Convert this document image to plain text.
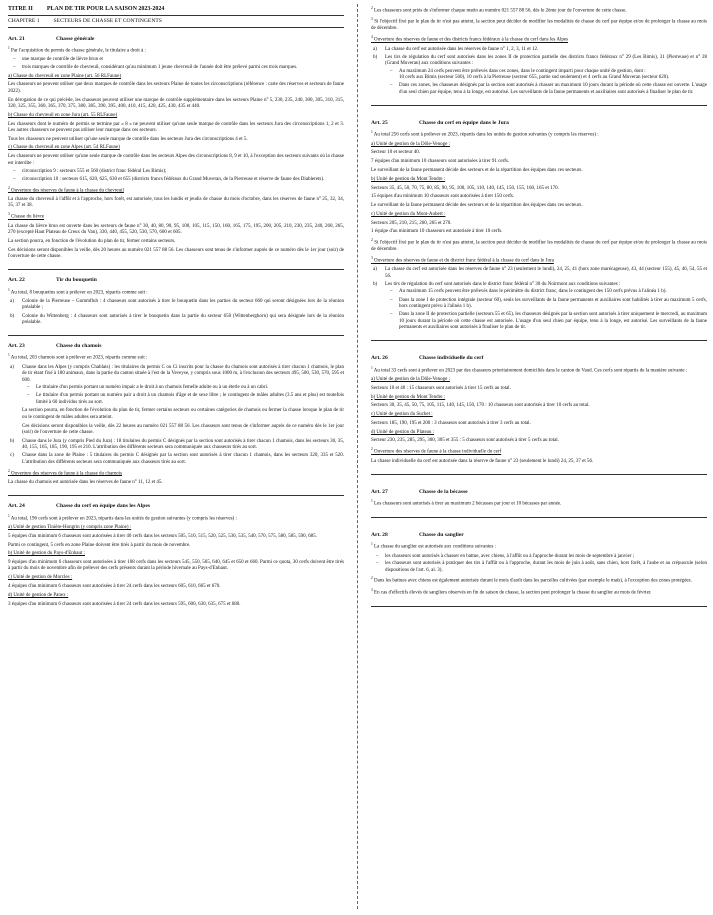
TITRE II PLAN DE TIR POUR LA SAISON 2023-2024
CHAPITRE 1	SECTEURS DE CHASSE ET CONTINGENTS
Art. 21	Chasse générale

$^1$ Par l'acquisition du permis de chasse générale, le titulaire a droit à :

– une marque de contrôle de lièvre brun et
– trois marques de contrôle de chevreuil, considérant qu'au minimum 1 jeune chevreuil de l'année doit être prélevé parmi ces trois marques.

a) Chasse du chevreuil en zone Plaine (art. 56 RLFaune)

Les chasseurs ne peuvent utiliser que deux marques de contrôle dans les secteurs Plaine de toutes les circonscriptions (référence : carte des réserves et secteurs de faune 2022).

En dérogation de ce qui précède, les chasseurs peuvent utiliser une marque de contrôle supplémentaire dans les secteurs Plaine n° 5, 230, 235, 240, 300, 305, 310, 315, 320, 325, 355, 360, 365, 370, 375, 380, 385, 390, 395, 400, 410, 415, 420, 425, 430, 435 et 440.

b) Chasse du chevreuil en zone Jura (art. 55 RLFaune)

Les chasseurs dont le numéro de permis se termine par « 8 » ne peuvent utiliser qu'une seule marque de contrôle dans les secteurs Jura des circonscriptions 1, 2 et 3. Les autres chasseurs ne peuvent pas utiliser leur marque dans ces secteurs.

Tous les chasseurs ne peuvent utiliser qu'une seule marque de contrôle dans les secteurs Jura des circonscriptions 4 et 5.

c) Chasse du chevreuil en zone Alpes (art. 54 RLFaune)

Les chasseurs ne peuvent utiliser qu'une seule marque de contrôle dans les secteurs Alpes des circonscriptions 8, 9 et 10, à l'exception des secteurs suivants où la chasse est interdite :

– circonscription 9 : secteurs 555 et 560 (district franc fédéral Les Bimis);
– circonscription 10 : secteurs 615, 620, 625, 630 et 655 (districts francs fédéraux du Grand Muveran, de la Pierreuse et réserve de faune des Diablerets).

$^2$ Ouverture des réserves de faune à la chasse du chevreuil

La chasse du chevreuil à l'affût et à l'approche, hors forêt, est autorisée, tous les lundis et jeudis de chasse du mois d'octobre, dans les réserves de faune n° 25, 32, 34, 35, 37 et 38.

$^3$ Chasse du lièvre

La chasse du lièvre brun est ouverte dans les secteurs de faune n° 30, 40, 80, 90, 95, 100, 105, 115, 150, 160, 165, 175, 195, 200, 205, 210, 230, 235, 240, 260, 265, 270 (excepté Haut Plateau de Creux du Van), 330, 440, 455, 520, 530, 570, 600 et 605.

La section pourra, en fonction de l'évolution du plan de tir, fermer certains secteurs.

Ces décisions seront disponibles la veille, dès 20 heures au numéro 021 557 88 56. Les chasseurs sont tenus de s'informer auprès de ce numéro dès le 1er jour (soir) de l'ouverture de cette chasse.

Art. 22	Tir du bouquetin

$^1$ Au total, 8 bouquetins sont à prélever en 2023, répartis comme suit :

a) Colonie de la Pierreuse – Gummfluh : 4 chasseurs sont autorisés à tirer le bouquetin dans les parties du secteur 660 qui seront désignées lors de la réunion préalable ;
b) Colonie du Wittenberg : 4 chasseurs sont autorisés à tirer le bouquetin dans la partie du secteur 650 (Wittenberghorn) qui sera désignée lors de la réunion préalable.
Art. 23	Chasse du chamois

$^1$ Au total, 203 chamois sont à prélever en 2023, répartis comme suit :

a) Chasse dans les Alpes (y compris Chablais) : les titulaires du permis C ou Ci inscrits pour la chasse du chamois sont autorisés à tirer chacun 1 chamois, le plan de tir étant fixé à 180 animaux, dans la partie du canton située à l'est de la Veveyse, y compris sous 1000 m, à l'exclusion des secteurs 495, 500, 530, 570, 595 et 600.
– Le titulaire d'un permis portant un numéro impair a le droit à un chamois femelle adulte ou à un éterle ou à un cabri.
– Le titulaire d'un permis portant un numéro pair a droit à un chamois d'âge et de sexe libre ; le contingent de mâles adultes (3.5 ans et plus) est toutefois limité à 60 individus tirés au sort.

La section pourra, en fonction de l'évolution du plan de tir, fermer certains secteurs ou certaines catégories de chamois ou fermer la chasse lorsque le plan de tir ou le contingent de mâles adultes sera atteint.

Ces décisions seront disponibles la veille, dès 22 heures au numéro 021 557 88 56. Les chasseurs sont tenus de s'informer auprès de ce numéro dès le 1er jour (soir) de l'ouverture de cette chasse.

b) Chasse dans le Jura (y compris Pied du Jura) : 18 titulaires du permis C désignés par la section sont autorisés à tirer chacun 1 chamois, dans les secteurs 30, 35, 40, 155, 165, 185, 190, 195 et 210. L'attribution des différents secteurs sera communiquée aux chasseurs tirés au sort.
c) Chasse dans la zone de Plaine : 5 titulaires du permis C désignés par la section sont autorisés à tirer chacun 1 chamois, dans les secteurs 320, 335 et 520. L'attribution des différents secteurs sera communiquée aux chasseurs tirés au sort.

$^2$ Ouverture des réserves de faune à la chasse du chamois

La chasse du chamois est autorisée dans les réserves de faune n° 11, 12 et 45.

Art. 24	Chasse du cerf en équipe dans les Alpes

$^1$ Au total, 196 cerfs sont à prélever en 2023, répartis dans les unités de gestion suivantes (y compris les réserves) :

a) Unité de gestion Tinière-Hongrin (y compris zone Plaine) :

5 équipes d'au minimum 6 chasseurs sont autorisées à tirer 40 cerfs dans les secteurs 505, 510, 515, 520, 525, 530, 535, 540, 570, 575, 580, 585, 590, 685.

Parmi ce contingent, 5 cerfs en zone Plaine doivent être tirés à partir du mois de novembre.

b) Unité de gestion du Pays-d'Enhaut :

9 équipes d'au minimum 6 chasseurs sont autorisées à tirer 108 cerfs dans les secteurs 545, 550, 565, 640, 645 et 650 et 660. Parmi ce quota, 30 cerfs doivent être tirés à partir du mois de novembre afin de prélever des cerfs présents durant la période hivernale au Pays-d'Enhaut.

c) Unité de gestion de Morcles :

4 équipes d'au minimum 6 chasseurs sont autorisées à tirer 24 cerfs dans les secteurs 605, 610, 665 et 670.

d) Unité de gestion de Panex :

3 équipes d'au minimum 6 chasseurs sont autorisées à tirer 24 cerfs dans les secteurs 595, 600, 630, 635, 675 et 680.

$^2$ Les chasseurs sont priés de s'informer chaque matin au numéro 021 557 88 56, dès le 2ème jour de l'ouverture de cette chasse.

$^3$ Si l'objectif fixé par le plan de tir n'est pas atteint, la section peut décider de modifier les modalités de chasse du cerf par équipe et/ou de prolonger la chasse au mois de décembre.

$^4$ Ouverture des réserves de faune et des districts francs fédéraux à la chasse du cerf dans les Alpes

a) La chasse du cerf est autorisée dans les réserves de faune n° 1, 2, 3, 11 et 12.
b) Les tirs de régulation du cerf sont autorisés dans les zones II de protection partielle des districts francs fédéraux n° 29 (Les Bimis), 31 (Pierreuse) et n° 28 (Grand Muveran) aux conditions suivantes :
– Au maximum 24 cerfs peuvent être prélevés dans ces zones, dans le contingent imparti pour chaque unité de gestion, dont :
10 cerfs aux Bimis (secteur 560), 10 cerfs à la Pierreuse (secteur 655, partie sud seulement) et 4 cerfs au Grand Muveran (secteur 620).
– Dans ces zones, les chasseurs désignés par la section sont autorisés à chasser au maximum 10 jours durant la période où cette chasse est ouverte. L'usage d'un seul chien par équipe, tenu à la longe, est autorisé. Les surveillants de la faune permanents et auxiliaires sont autorisés à finaliser le plan de tir.
Art. 25	Chasse du cerf en équipe dans le Jura

$^1$ Au total 256 cerfs sont à prélever en 2023, répartis dans les unités de gestion suivantes (y compris les réserves) :

a) Unité de gestion de la Dôle-Venoge :

Secteur 10 et secteur 40.

7 équipes d'au minimum 10 chasseurs sont autorisées à tirer 91 cerfs.

Le surveillant de la faune permanent décide des secteurs et de la répartition des équipes dans ces secteurs.

b) Unité de gestion du Mont Tendre :

Secteurs 35, 45, 50, 70, 75, 80, 85, 90, 95, 100, 105, 110, 140, 145, 150, 155, 160, 165 et 170.

15 équipes d'au minimum 10 chasseurs sont autorisées à tirer 150 cerfs.

Le surveillant de la faune permanent décide des secteurs et de la répartition des équipes dans ces secteurs.

c) Unité de gestion du Mont-Aubert :

Secteurs 205, 210, 215, 260, 265 et 270.

1 équipe d'au minimum 10 chasseurs est autorisée à tirer 10 cerfs.

$^2$ Si l'objectif fixé par le plan de tir n'est pas atteint, la section peut décider de modifier les modalités de chasse du cerf par équipe et/ou de prolonger la chasse au mois de décembre.

$^3$ Ouverture des réserves de faune et du district franc fédéral à la chasse du cerf dans le Jura

a) La chasse du cerf est autorisée dans les réserves de faune n° 23 (seulement le lundi), 24, 25, 41 (hors zone marécageuse), 43, 44 (secteur 155), 45, 46, 54, 55 et 56.
b) Les tirs de régulation du cerf sont autorisés dans le district franc fédéral n° 30 du Noirmont aux conditions suivantes :
– Au maximum 15 cerfs peuvent être prélevés dans le périmètre du district franc, dans le contingent des 150 cerfs prévus à l'alinéa 1 b).
– Dans la zone I de protection intégrale (secteur 60), seuls les surveillants de la faune permanents et auxiliaires sont habilités à tirer au maximum 5 cerfs, hors contingent prévu à l'alinéa 1 b).
– Dans la zone II de protection partielle (secteurs 55 et 65), les chasseurs désignés par la section sont autorisés à tirer uniquement le mercredi, au maximum 10 jours durant la période où cette chasse est autorisée. L'usage d'un seul chien par équipe, tenu à la longe, est autorisé. Les surveillants de la faune permanents et auxiliaires sont autorisés à finaliser le plan de tir.
Art. 26	Chasse individuelle du cerf

$^1$ Au total 33 cerfs sont à prélever en 2023 par des chasseurs prioritairement domiciliés dans le canton de Vaud. Ces cerfs sont répartis de la manière suivante :

a) Unité de gestion de la Dôle-Venoge :

Secteurs 10 et 40 : 15 chasseurs sont autorisés à tirer 15 cerfs au total.

b) Unité de gestion du Mont Tendre :

Secteurs 30, 35, 45, 50, 75, 105, 115, 140, 145, 150, 170 : 10 chasseurs sont autorisés à tirer 10 cerfs au total.

c) Unité de gestion du Suchet :

Secteurs 185, 190, 195 et 200 : 3 chasseurs sont autorisés à tirer 3 cerfs au total.

d) Unité de gestion du Plateau :

Secteur 230, 235, 285, 295, 300, 305 et 355 : 5 chasseurs sont autorisés à tirer 5 cerfs au total.

$^2$ Ouverture des réserves de faune à la chasse individuelle du cerf

La chasse individuelle du cerf est autorisée dans la réserve de faune n° 23 (seulement le lundi) 24, 25, 37 et 56.

Art. 27	Chasse de la bécasse

$^1$ Les chasseurs sont autorisés à tirer au maximum 2 bécasses par jour et 10 bécasses par année.

Art. 28	Chasse du sanglier

$^1$ La chasse du sanglier est autorisée aux conditions suivantes :

– les chasseurs sont autorisés à chasser en battue, avec chiens, à l'affût ou à l'approche durant les mois de septembre à janvier ;
– les chasseurs sont autorisés à pratiquer des tirs à l'affût ou à l'approche, durant les mois de juin à août, sans chien, hors forêt, à l'aube et au crépuscule (selon dispositions de l'art. 6, al. 3).

$^2$ Dans les battues avec chiens est également autorisée durant le mois d'août dans les parcelles cultivées (par exemple le maïs), à l'exception des zones protégées.

$^3$ En cas d'effectifs élevés de sangliers observés en fin de saison de chasse, la section peut prolonger la chasse du sanglier au mois de février.
